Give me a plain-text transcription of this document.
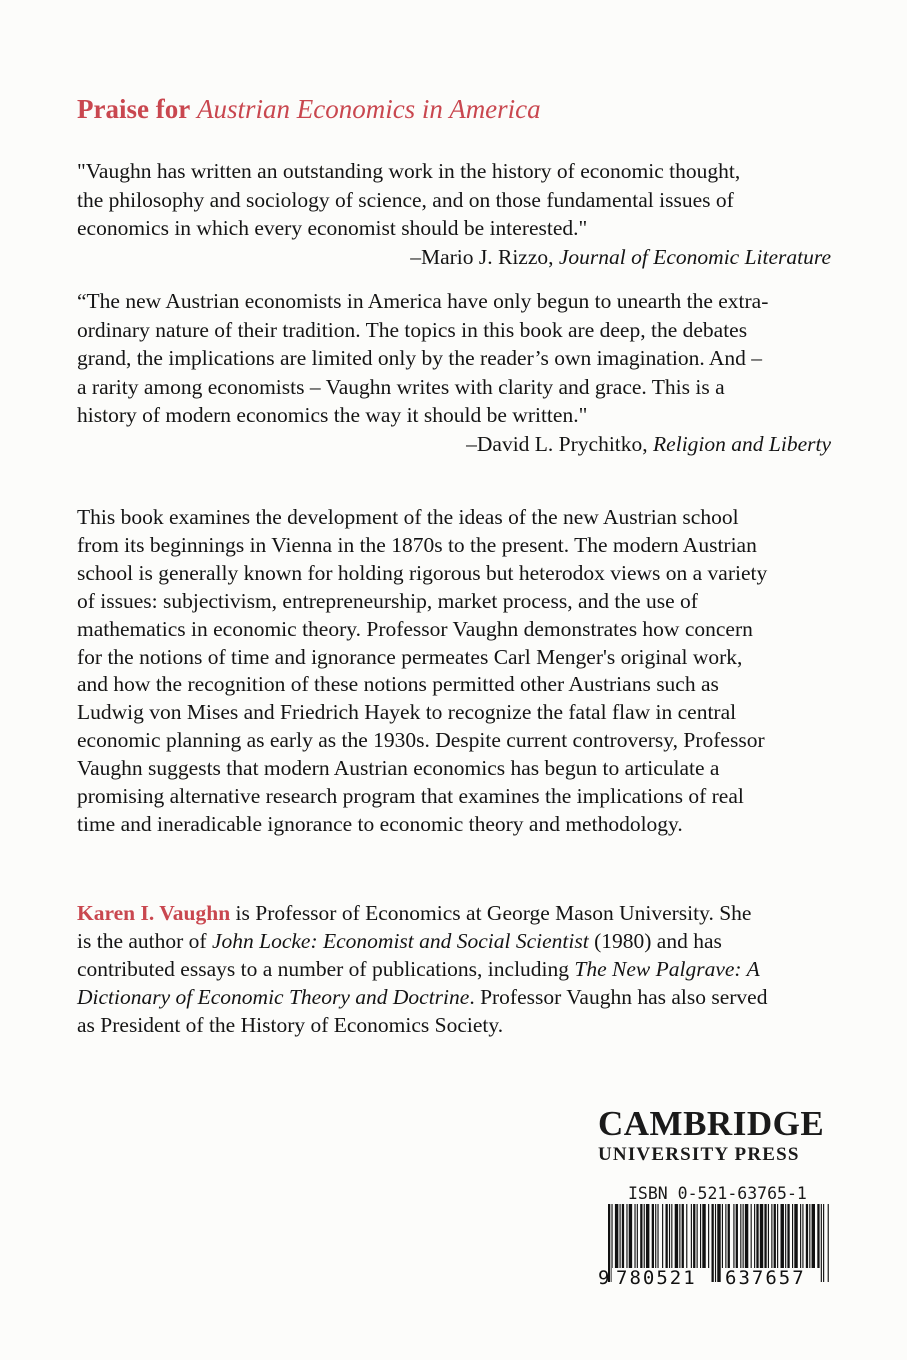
Praise for Austrian Economics in America
"Vaughn has written an outstanding work in the history of economic thought,
the philosophy and sociology of science, and on those fundamental issues of
economics in which every economist should be interested."
–Mario J. Rizzo, Journal of Economic Literature
“The new Austrian economists in America have only begun to unearth the extra-
ordinary nature of their tradition. The topics in this book are deep, the debates
grand, the implications are limited only by the reader’s own imagination. And –
a rarity among economists – Vaughn writes with clarity and grace. This is a
history of modern economics the way it should be written."
–David L. Prychitko, Religion and Liberty
This book examines the development of the ideas of the new Austrian school
from its beginnings in Vienna in the 1870s to the present. The modern Austrian
school is generally known for holding rigorous but heterodox views on a variety
of issues: subjectivism, entrepreneurship, market process, and the use of
mathematics in economic theory. Professor Vaughn demonstrates how concern
for the notions of time and ignorance permeates Carl Menger's original work,
and how the recognition of these notions permitted other Austrians such as
Ludwig von Mises and Friedrich Hayek to recognize the fatal flaw in central
economic planning as early as the 1930s. Despite current controversy, Professor
Vaughn suggests that modern Austrian economics has begun to articulate a
promising alternative research program that examines the implications of real
time and ineradicable ignorance to economic theory and methodology.
Karen I. Vaughn is Professor of Economics at George Mason University. She
is the author of John Locke: Economist and Social Scientist (1980) and has
contributed essays to a number of publications, including The New Palgrave: A
Dictionary of Economic Theory and Doctrine. Professor Vaughn has also served
as President of the History of Economics Society.
CAMBRIDGE
UNIVERSITY PRESS
ISBN 0-521-63765-1
9 780521 637657
